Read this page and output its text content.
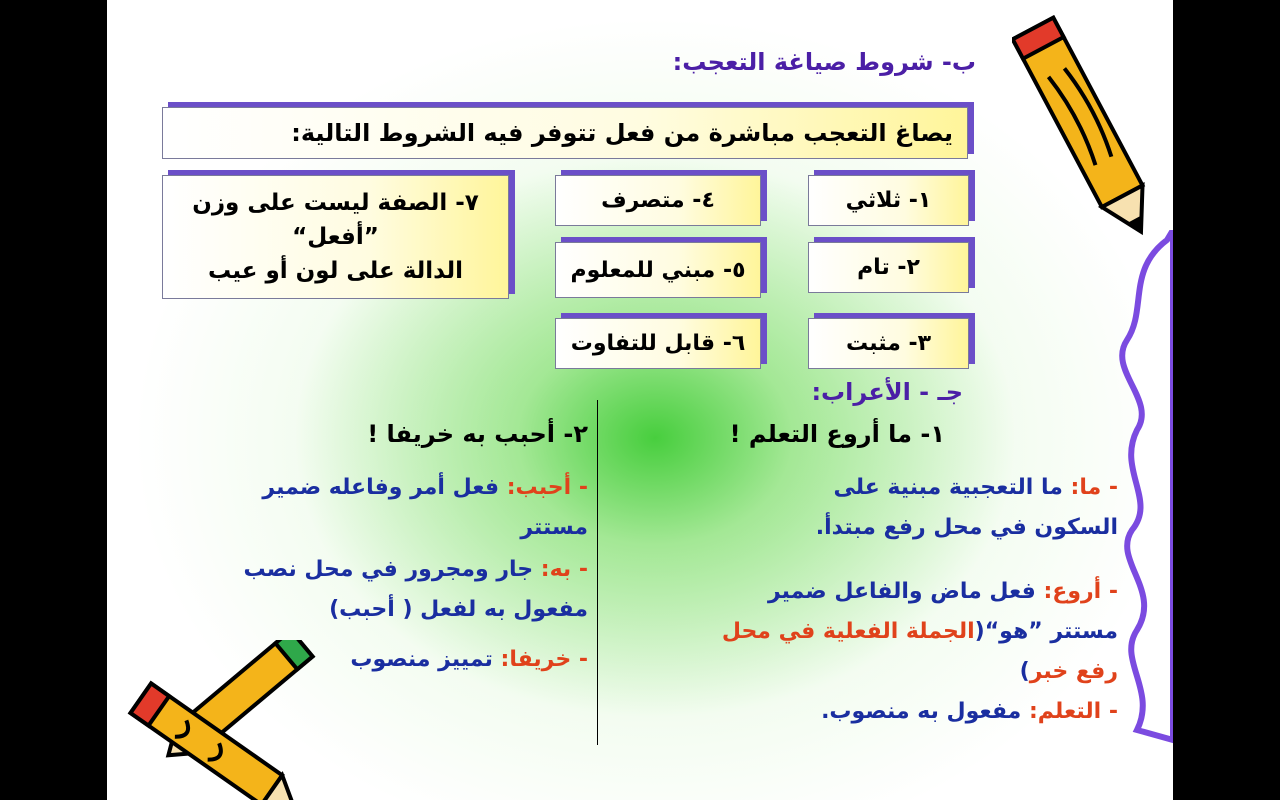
ب- شروط صياغة التعجب:
يصاغ التعجب مباشرة من فعل تتوفر فيه الشروط التالية:
١- ثلاثي
٢- تام
٣- مثبت
٤- متصرف
٥- مبني للمعلوم
٦- قابل للتفاوت
٧- الصفة ليست على وزن
”أفعل“
الدالة على لون أو عيب
جـ - الأعراب:
١- ما أروع التعلم !
- ما: ما التعجبية مبنية على السكون في محل رفع مبتدأ.
- أروع: فعل ماض والفاعل ضمير مستتر ”هو“(الجملة الفعلية في محل رفع خبر)
- التعلم: مفعول به منصوب.
٢- أحبب به خريفا !
- أحبب: فعل أمر وفاعله ضمير مستتر
- به: جار ومجرور في محل نصب مفعول به لفعل ( أحبب)
- خريفا: تمييز منصوب
